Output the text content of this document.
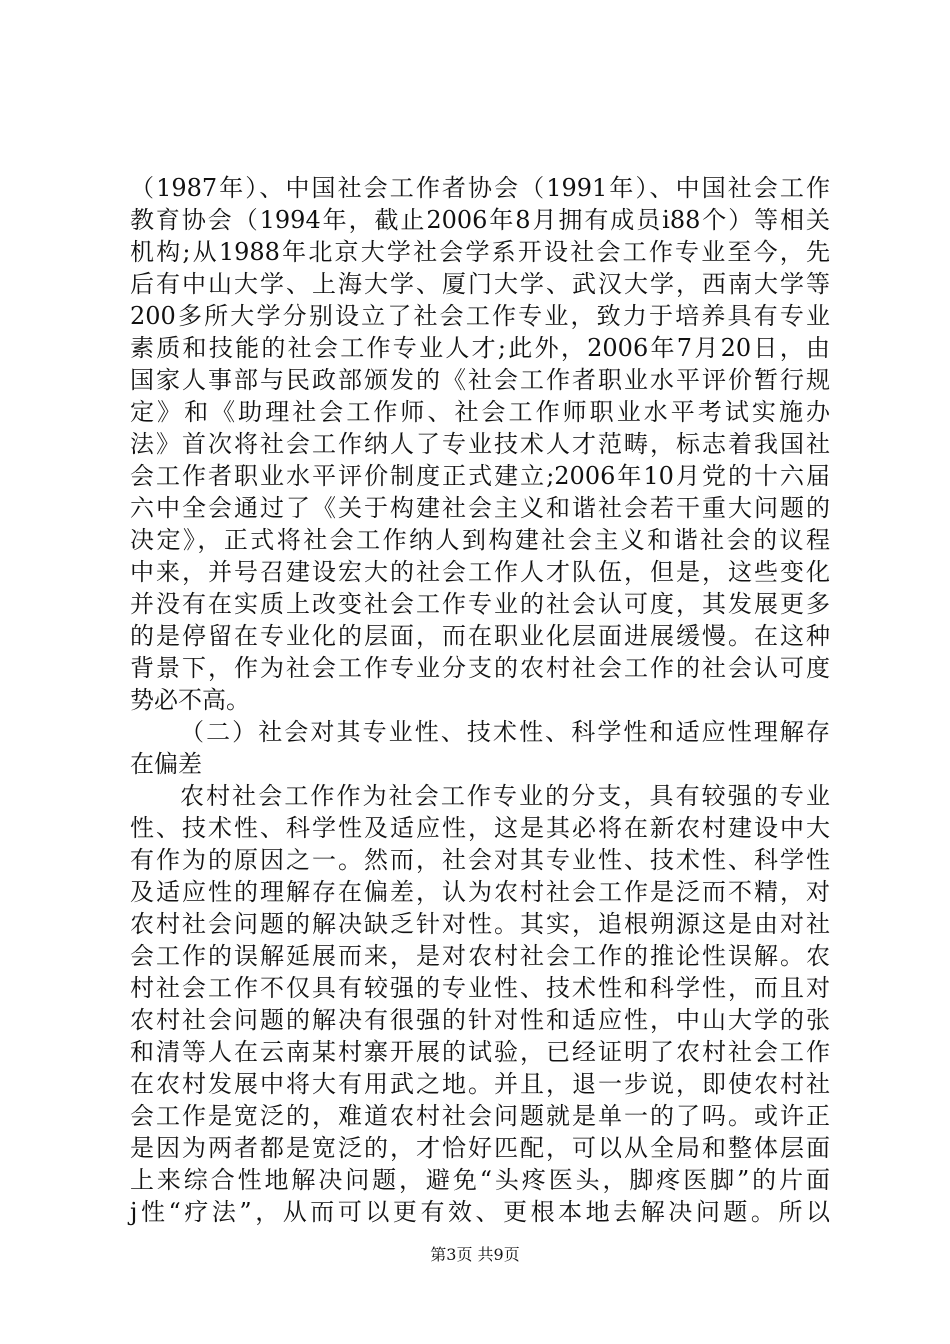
（1987年）、中国社会工作者协会（1991年）、中国社会工作
教育协会（1994年，截止2006年8月拥有成员i88个）等相关
机构;从1988年北京大学社会学系开设社会工作专业至今，先
后有中山大学、上海大学、厦门大学、武汉大学，西南大学等
200多所大学分别设立了社会工作专业，致力于培养具有专业
素质和技能的社会工作专业人才;此外，2006年7月20日，由
国家人事部与民政部颁发的《社会工作者职业水平评价暂行规
定》和《助理社会工作师、社会工作师职业水平考试实施办
法》首次将社会工作纳人了专业技术人才范畴，标志着我国社
会工作者职业水平评价制度正式建立;2006年10月党的十六届
六中全会通过了《关于构建社会主义和谐社会若干重大问题的
决定》，正式将社会工作纳人到构建社会主义和谐社会的议程
中来，并号召建设宏大的社会工作人才队伍，但是，这些变化
并没有在实质上改变社会工作专业的社会认可度，其发展更多
的是停留在专业化的层面，而在职业化层面进展缓慢。在这种
背景下，作为社会工作专业分支的农村社会工作的社会认可度
势必不高。
（二）社会对其专业性、技术性、科学性和适应性理解存
在偏差
农村社会工作作为社会工作专业的分支，具有较强的专业
性、技术性、科学性及适应性，这是其必将在新农村建设中大
有作为的原因之一。然而，社会对其专业性、技术性、科学性
及适应性的理解存在偏差，认为农村社会工作是泛而不精，对
农村社会问题的解决缺乏针对性。其实，追根朔源这是由对社
会工作的误解延展而来，是对农村社会工作的推论性误解。农
村社会工作不仅具有较强的专业性、技术性和科学性，而且对
农村社会问题的解决有很强的针对性和适应性，中山大学的张
和清等人在云南某村寨开展的试验，已经证明了农村社会工作
在农村发展中将大有用武之地。并且，退一步说，即使农村社
会工作是宽泛的，难道农村社会问题就是单一的了吗。或许正
是因为两者都是宽泛的，才恰好匹配，可以从全局和整体层面
上来综合性地解决问题，避免“头疼医头，脚疼医脚”的片面
j性“疗法”，从而可以更有效、更根本地去解决问题。所以
第3页 共9页
